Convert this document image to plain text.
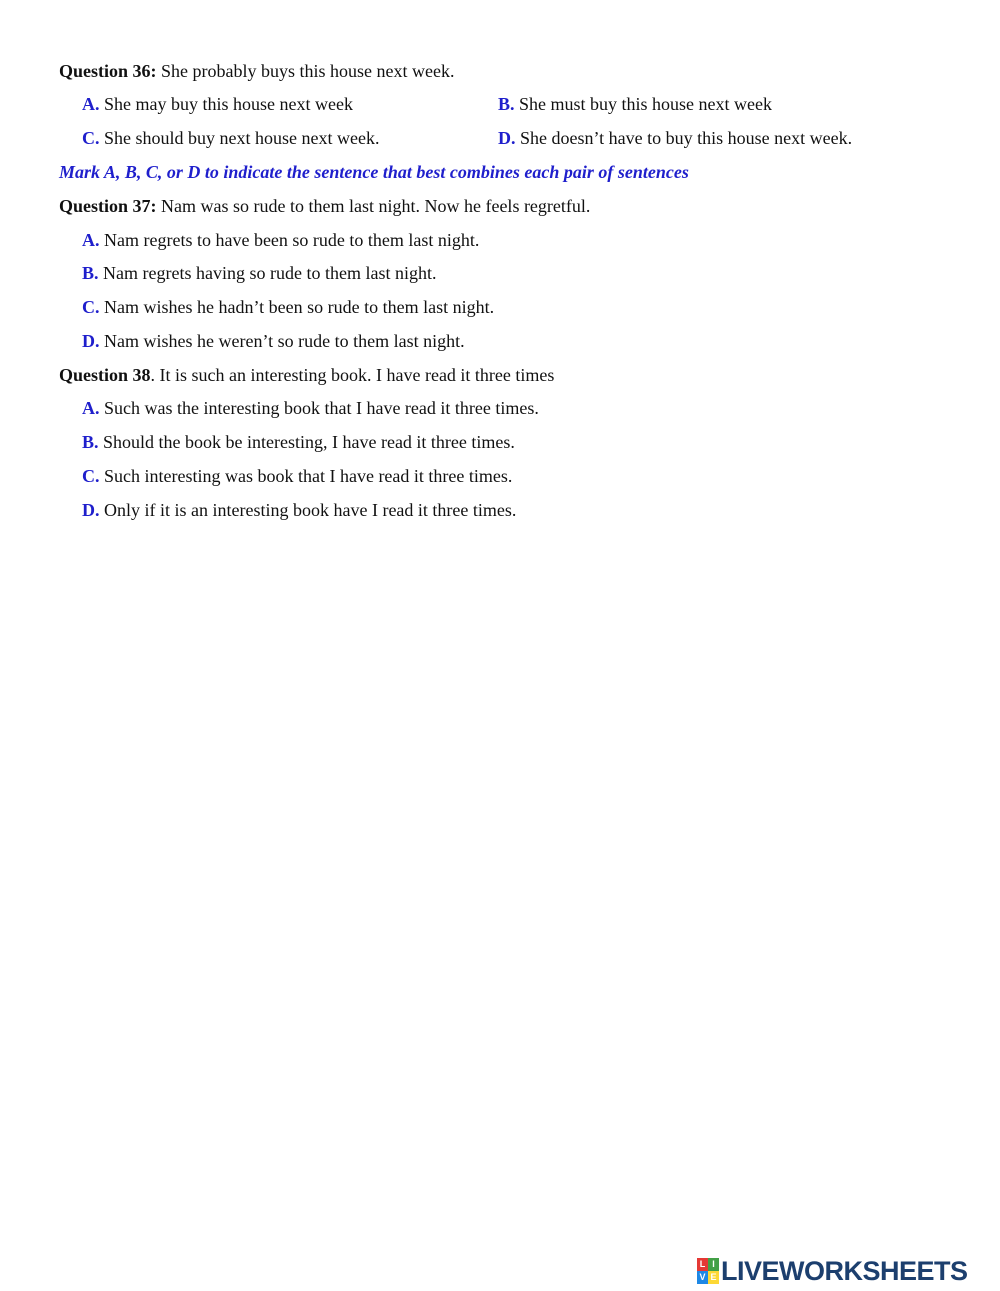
Question 36: She probably buys this house next week.
A. She may buy this house next week	B. She must buy this house next week
C. She should buy next house next week.	D. She doesn’t have to buy this house next week.
Mark A, B, C, or D to indicate the sentence that best combines each pair of sentences
Question 37: Nam was so rude to them last night. Now he feels regretful.
A. Nam regrets to have been so rude to them last night.
B. Nam regrets having so rude to them last night.
C. Nam wishes he hadn’t been so rude to them last night.
D. Nam wishes he weren’t so rude to them last night.
Question 38. It is such an interesting book. I have read it three times
A. Such was the interesting book that I have read it three times.
B. Should the book be interesting, I have read it three times.
C. Such interesting was book that I have read it three times.
D. Only if it is an interesting book have I read it three times.
L I
V E LIVEWORKSHEETS
